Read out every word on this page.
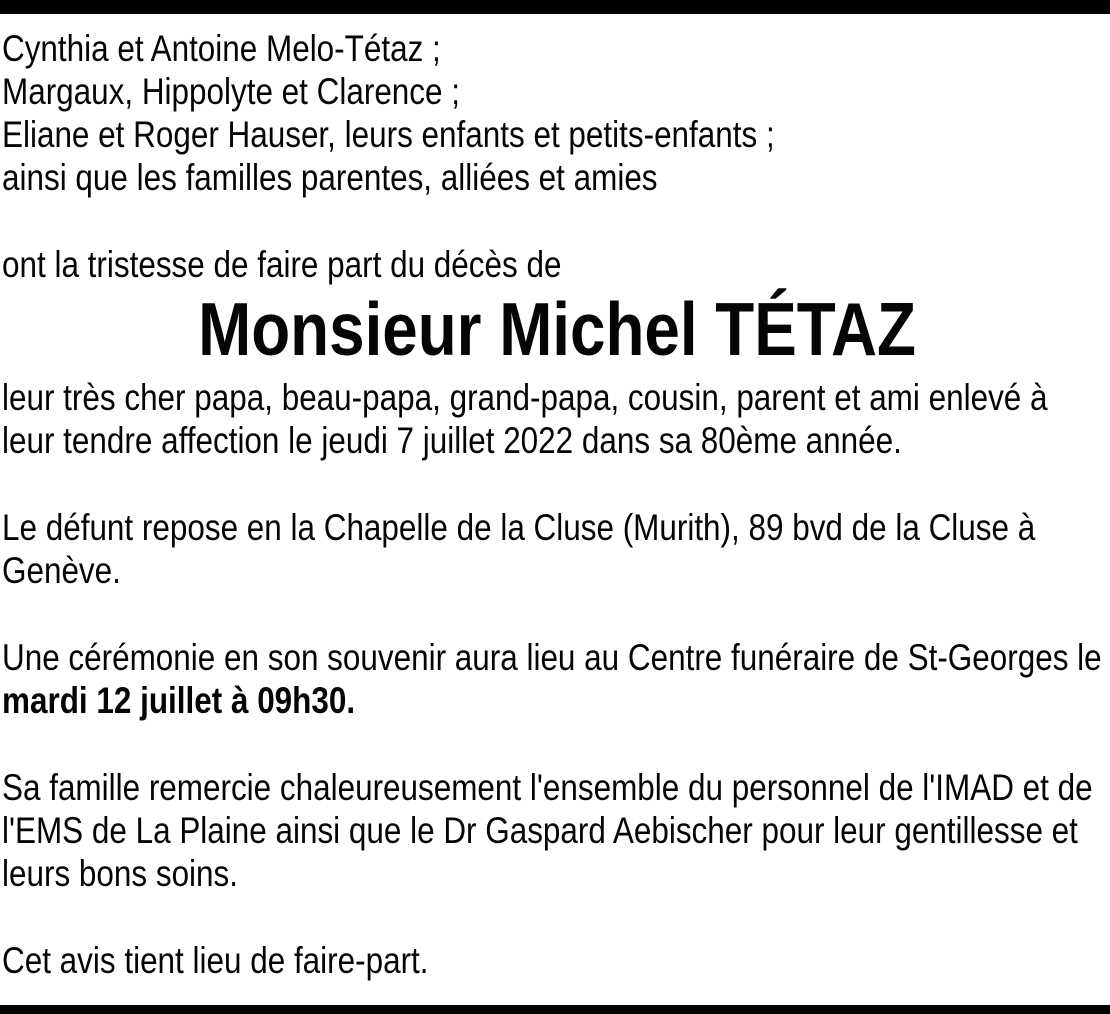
Cynthia et Antoine Melo-Tétaz ;
Margaux, Hippolyte et Clarence ;
Eliane et Roger Hauser, leurs enfants et petits-enfants ;
ainsi que les familles parentes, alliées et amies
ont la tristesse de faire part du décès de
Monsieur Michel TÉTAZ
leur très cher papa, beau-papa, grand-papa, cousin, parent et ami enlevé à
leur tendre affection le jeudi 7 juillet 2022 dans sa 80ème année.
Le défunt repose en la Chapelle de la Cluse (Murith), 89 bvd de la Cluse à
Genève.
Une cérémonie en son souvenir aura lieu au Centre funéraire de St-Georges le
mardi 12 juillet à 09h30.
Sa famille remercie chaleureusement l'ensemble du personnel de l'IMAD et de
l'EMS de La Plaine ainsi que le Dr Gaspard Aebischer pour leur gentillesse et
leurs bons soins.
Cet avis tient lieu de faire-part.
